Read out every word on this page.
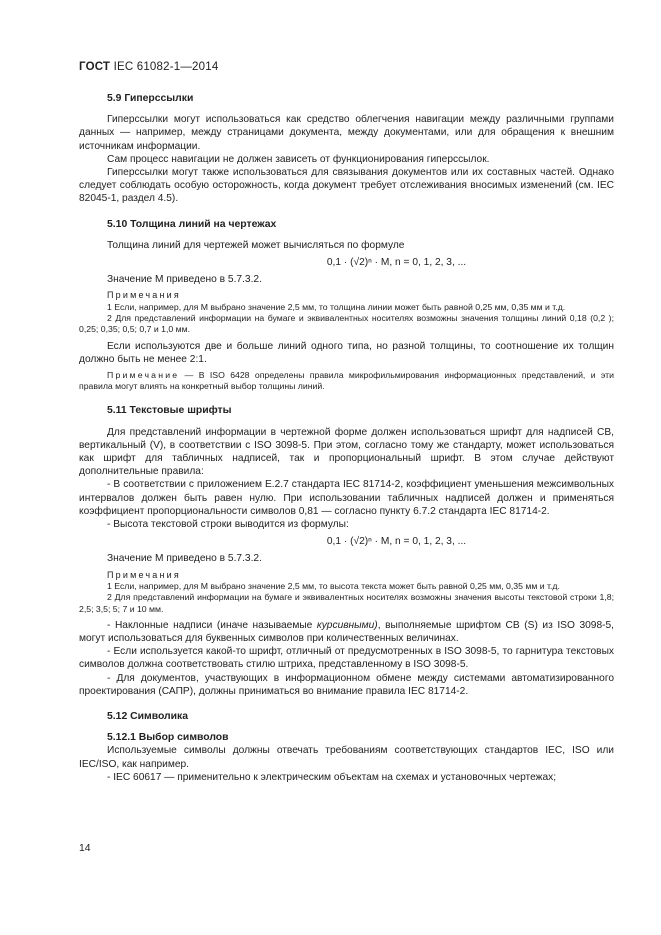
ГОСТ IEC 61082-1—2014
5.9 Гиперссылки

Гиперссылки могут использоваться как средство облегчения навигации между различными группами данных — например, между страницами документа, между документами, или для обращения к внешним источникам информации.

Сам процесс навигации не должен зависеть от функционирования гиперссылок.

Гиперссылки могут также использоваться для связывания документов или их составных частей. Однако следует соблюдать особую осторожность, когда документ требует отслеживания вносимых изменений (см. IEC 82045-1, раздел 4.5).

5.10 Толщина линий на чертежах

Толщина линий для чертежей может вычисляться по формуле

0,1 · (√2)ⁿ · M, n = 0, 1, 2, 3, ...

Значение M приведено в 5.7.3.2.

Примечания

1 Если, например, для M выбрано значение 2,5 мм, то толщина линии может быть равной 0,25 мм, 0,35 мм и т.д.

2 Для представлений информации на бумаге и эквивалентных носителях возможны значения толщины линий 0,18 (0,2 ); 0,25; 0,35; 0,5; 0,7 и 1,0 мм.

Если используются две и больше линий одного типа, но разной толщины, то соотношение их толщин должно быть не менее 2:1.

Примечание — В ISO 6428 определены правила микрофильмирования информационных представлений, и эти правила могут влиять на конкретный выбор толщины линий.

5.11 Текстовые шрифты

Для представлений информации в чертежной форме должен использоваться шрифт для надписей CB, вертикальный (V), в соответствии с ISO 3098-5. При этом, согласно тому же стандарту, может использоваться как шрифт для табличных надписей, так и пропорциональный шрифт. В этом случае действуют дополнительные правила:

- В соответствии с приложением E.2.7 стандарта IEC 81714-2, коэффициент уменьшения межсимвольных интервалов должен быть равен нулю. При использовании табличных надписей должен и применяться коэффициент пропорциональности символов 0,81 — согласно пункту 6.7.2 стандарта IEC 81714-2.

- Высота текстовой строки выводится из формулы:

0,1 · (√2)ⁿ · M, n = 0, 1, 2, 3, ...

Значение M приведено в 5.7.3.2.

Примечания

1 Если, например, для M выбрано значение 2,5 мм, то высота текста может быть равной 0,25 мм, 0,35 мм и т.д.

2 Для представлений информации на бумаге и эквивалентных носителях возможны значения высоты текстовой строки 1,8; 2,5; 3,5; 5; 7 и 10 мм.

- Наклонные надписи (иначе называемые курсивными), выполняемые шрифтом CB (S) из ISO 3098-5, могут использоваться для буквенных символов при количественных величинах.

- Если используется какой-то шрифт, отличный от предусмотренных в ISO 3098-5, то гарнитура текстовых символов должна соответствовать стилю штриха, представленному в ISO 3098-5.

- Для документов, участвующих в информационном обмене между системами автоматизированного проектирования (САПР), должны приниматься во внимание правила IEC 81714-2.

5.12 Символика
5.12.1 Выбор символов

Используемые символы должны отвечать требованиям соответствующих стандартов IEC, ISO или IEC/ISO, как например.

- IEC 60617 — применительно к электрическим объектам на схемах и установочных чертежах;

14
